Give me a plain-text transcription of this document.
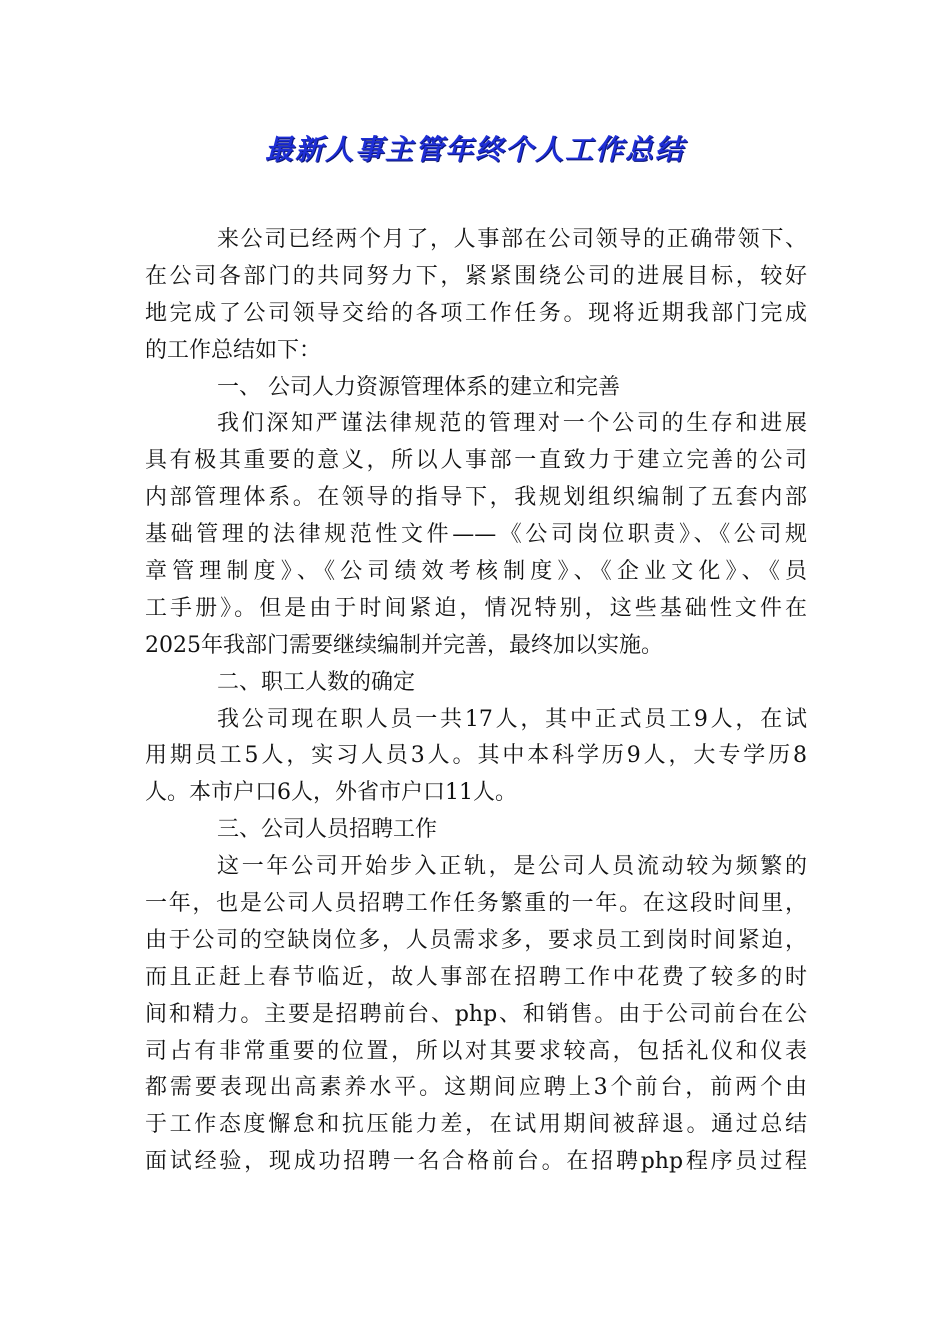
最新人事主管年终个人工作总结
来公司已经两个月了，人事部在公司领导的正确带领下、
在公司各部门的共同努力下，紧紧围绕公司的进展目标，较好
地完成了公司领导交给的各项工作任务。现将近期我部门完成
的工作总结如下：
一、 公司人力资源管理体系的建立和完善
我们深知严谨法律规范的管理对一个公司的生存和进展
具有极其重要的意义，所以人事部一直致力于建立完善的公司
内部管理体系。在领导的指导下，我规划组织编制了五套内部
基础管理的法律规范性文件——《公司岗位职责》、《公司规
章管理制度》、《公司绩效考核制度》、《企业文化》、《员
工手册》。但是由于时间紧迫，情况特别，这些基础性文件在
2025年我部门需要继续编制并完善，最终加以实施。
二、职工人数的确定
我公司现在职人员一共17人，其中正式员工9人，在试
用期员工5人，实习人员3人。其中本科学历9人，大专学历8
人。本市户口6人，外省市户口11人。
三、公司人员招聘工作
这一年公司开始步入正轨，是公司人员流动较为频繁的
一年，也是公司人员招聘工作任务繁重的一年。在这段时间里，
由于公司的空缺岗位多，人员需求多，要求员工到岗时间紧迫，
而且正赶上春节临近，故人事部在招聘工作中花费了较多的时
间和精力。主要是招聘前台、php、和销售。由于公司前台在公
司占有非常重要的位置，所以对其要求较高，包括礼仪和仪表
都需要表现出高素养水平。这期间应聘上3个前台，前两个由
于工作态度懈怠和抗压能力差，在试用期间被辞退。通过总结
面试经验，现成功招聘一名合格前台。在招聘php程序员过程
